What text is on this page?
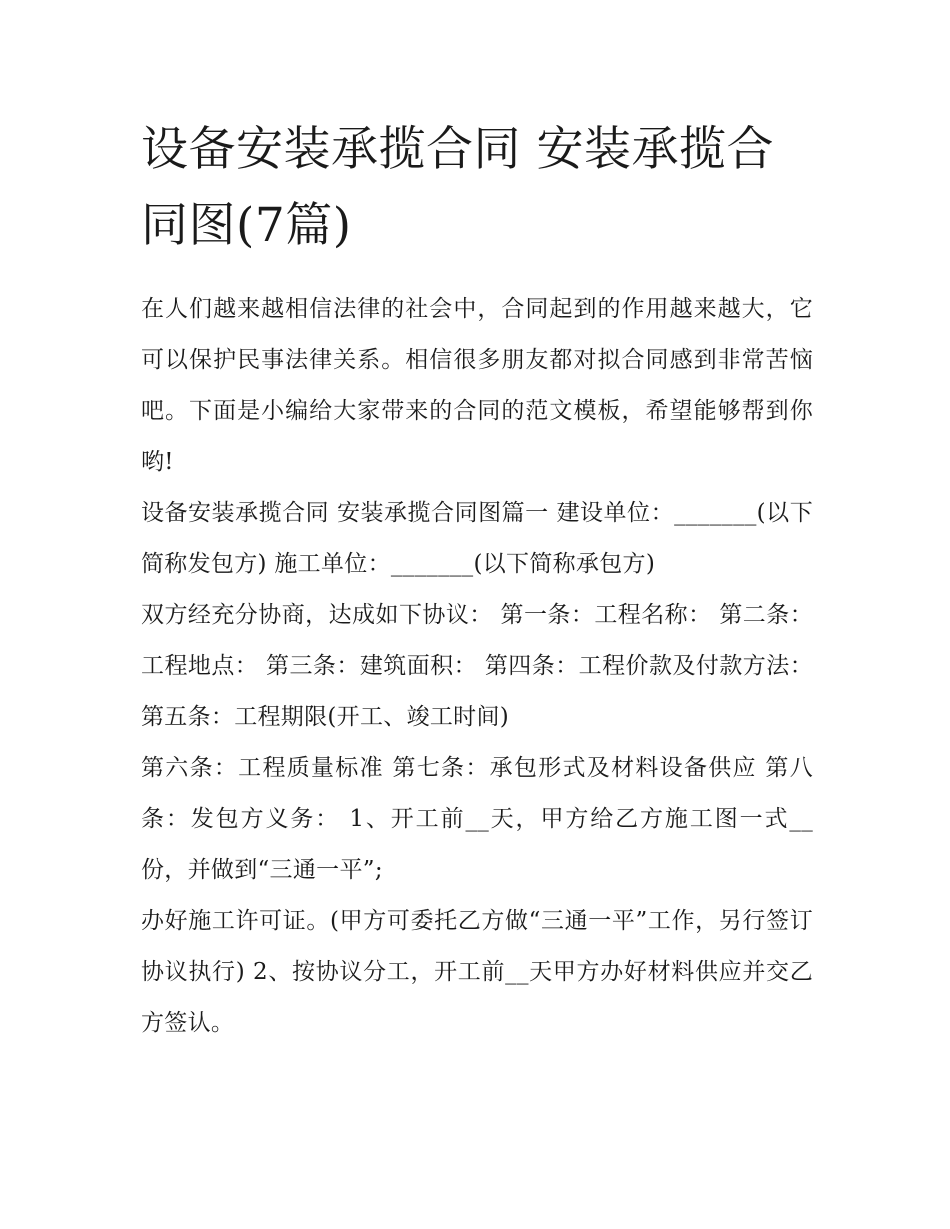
设备安装承揽合同 安装承揽合同图(7篇)

在人们越来越相信法律的社会中，合同起到的作用越来越大，它可以保护民事法律关系。相信很多朋友都对拟合同感到非常苦恼吧。下面是小编给大家带来的合同的范文模板，希望能够帮到你哟!

设备安装承揽合同 安装承揽合同图篇一 建设单位：_______(以下简称发包方) 施工单位：_______(以下简称承包方)

双方经充分协商，达成如下协议： 第一条：工程名称： 第二条：工程地点： 第三条：建筑面积： 第四条：工程价款及付款方法： 第五条：工程期限(开工、竣工时间)

第六条：工程质量标准 第七条：承包形式及材料设备供应 第八条：发包方义务： 1、开工前__天，甲方给乙方施工图一式__份，并做到“三通一平”;

办好施工许可证。(甲方可委托乙方做“三通一平”工作，另行签订协议执行) 2、按协议分工，开工前__天甲方办好材料供应并交乙方签认。
